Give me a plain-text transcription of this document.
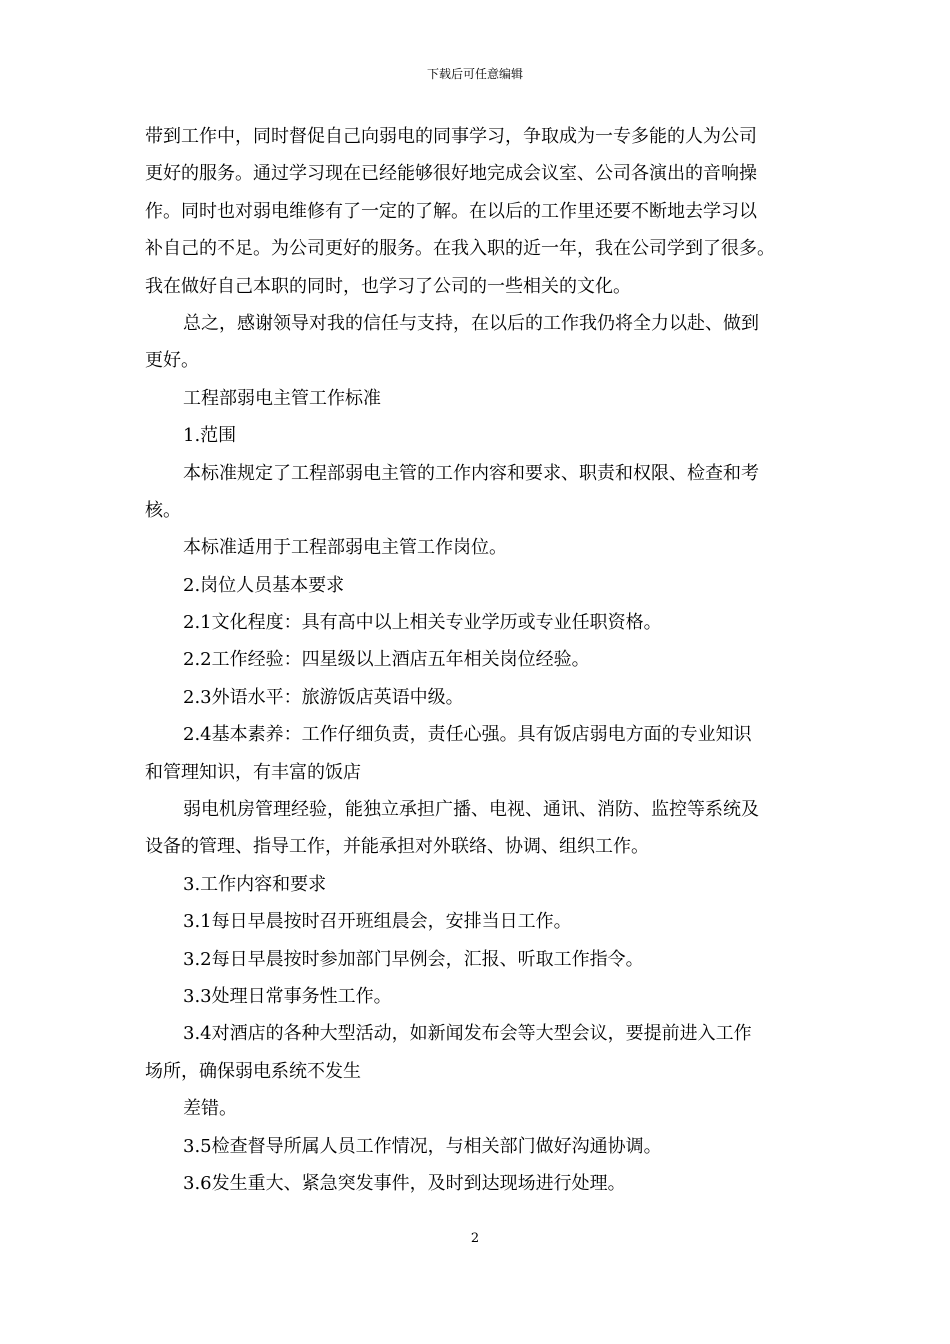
下载后可任意编辑
带到工作中，同时督促自己向弱电的同事学习，争取成为一专多能的人为公司
更好的服务。通过学习现在已经能够很好地完成会议室、公司各演出的音响操
作。同时也对弱电维修有了一定的了解。在以后的工作里还要不断地去学习以
补自己的不足。为公司更好的服务。在我入职的近一年，我在公司学到了很多。
我在做好自己本职的同时，也学习了公司的一些相关的文化。
总之，感谢领导对我的信任与支持，在以后的工作我仍将全力以赴、做到
更好。
工程部弱电主管工作标准
1.范围
本标准规定了工程部弱电主管的工作内容和要求、职责和权限、检查和考
核。
本标准适用于工程部弱电主管工作岗位。
2.岗位人员基本要求
2.1文化程度：具有高中以上相关专业学历或专业任职资格。
2.2工作经验：四星级以上酒店五年相关岗位经验。
2.3外语水平：旅游饭店英语中级。
2.4基本素养：工作仔细负责，责任心强。具有饭店弱电方面的专业知识
和管理知识，有丰富的饭店
弱电机房管理经验，能独立承担广播、电视、通讯、消防、监控等系统及
设备的管理、指导工作，并能承担对外联络、协调、组织工作。
3.工作内容和要求
3.1每日早晨按时召开班组晨会，安排当日工作。
3.2每日早晨按时参加部门早例会，汇报、听取工作指令。
3.3处理日常事务性工作。
3.4对酒店的各种大型活动，如新闻发布会等大型会议，要提前进入工作
场所，确保弱电系统不发生
差错。
3.5检查督导所属人员工作情况，与相关部门做好沟通协调。
3.6发生重大、紧急突发事件，及时到达现场进行处理。
2
